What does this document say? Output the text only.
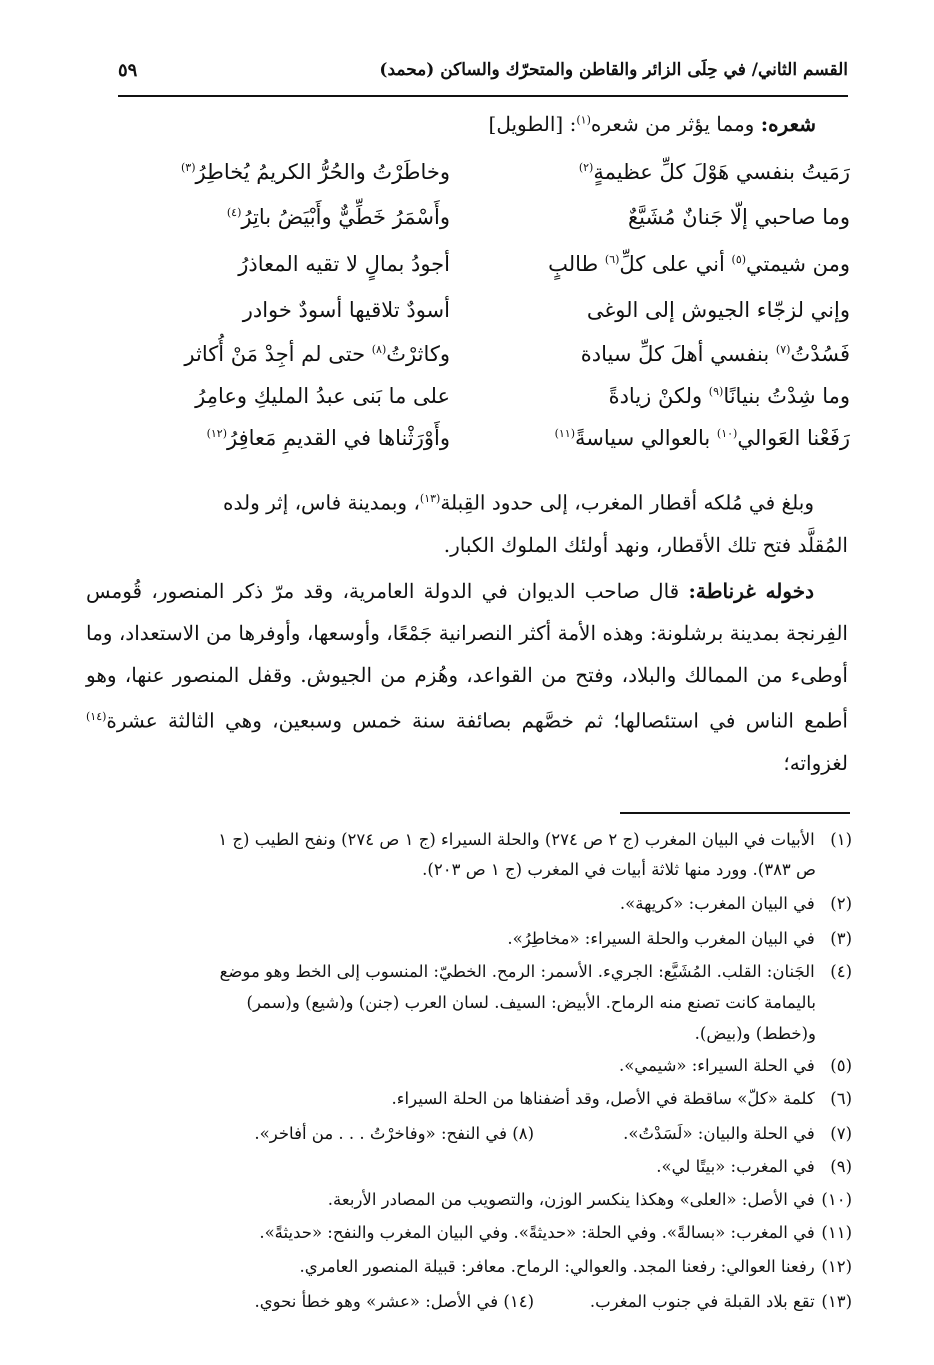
القسم الثاني/ في حِلَى الزائر والقاطن والمتحرّك والساكن (محمد)
٥٩
شعره: ومما يؤثر من شعره$^{(١)}$: [الطويل]
رَمَيتُ بنفسي هَوْلَ كلِّ عظيمةٍ$^{(٢)}$
وخاطَرْتُ والحُرُّ الكريمُ يُخاطِرُ$^{(٣)}$
وما صاحبي إلّا جَنانٌ مُشَيَّعٌ
وأَسْمَرُ خَطِّيٌّ وأَبْيَضُ باتِرُ$^{(٤)}$
ومن شيمتي$^{(٥)}$ أني على كلِّ$^{(٦)}$ طالبٍ
أجودُ بمالٍ لا تقيه المعاذرُ
وإني لزجّاء الجيوش إلى الوغى
أسودٌ تلاقيها أسودٌ خوادر
فَسُدْتُ$^{(٧)}$ بنفسي أهلَ كلِّ سيادة
وكاثرْتُ$^{(٨)}$ حتى لم أجِدْ مَنْ أُكاثر
وما شِدْتُ بنيانًا$^{(٩)}$ ولكنْ زيادةً
على ما بَنى عبدُ المليكِ وعامِرُ
رَفَعْنا العَوالي$^{(١٠)}$ بالعوالي سياسةً$^{(١١)}$
وأَوْرَثْناها في القديمِ مَعافِرُ$^{(١٢)}$
وبلغ في مُلكه أقطار المغرب، إلى حدود القِبلة$^{(١٣)}$، وبمدينة فاس، إثر ولده
المُقلَّد فتح تلك الأقطار، ونهد أولئك الملوك الكبار.
دخوله غرناطة: قال صاحب الديوان في الدولة العامرية، وقد مرّ ذكر المنصور، قُومس الفِرنجة بمدينة برشلونة: وهذه الأمة أكثر النصرانية جَمْعًا، وأوسعها، وأوفرها من الاستعداد، وما أوطىء من الممالك والبلاد، وفتح من القواعد، وهُزم من الجيوش. وقفل المنصور عنها، وهو أطمع الناس في استئصالها؛ ثم خصَّهم بصائفة سنة خمس وسبعين، وهي الثالثة عشرة$^{(١٤)}$ لغزواته؛
(١) الأبيات في البيان المغرب (ج ٢ ص ٢٧٤) والحلة السيراء (ج ١ ص ٢٧٤) ونفح الطيب (ج ١
ص ٣٨٣). وورد منها ثلاثة أبيات في المغرب (ج ١ ص ٢٠٣).
(٢) في البيان المغرب: «كريهة».
(٣) في البيان المغرب والحلة السيراء: «مخاطِرُ».
(٤) الجَنان: القلب. المُشَيَّع: الجريء. الأسمر: الرمح. الخطيّ: المنسوب إلى الخط وهو موضع
باليمامة كانت تصنع منه الرماح. الأبيض: السيف. لسان العرب (جنن) و(شيع) و(سمر)
و(خطط) و(بيض).
(٥) في الحلة السيراء: «شيمي».
(٦) كلمة «كلّ» ساقطة في الأصل، وقد أضفناها من الحلة السيراء.
(٧) في الحلة والبيان: «لَسَدْتُ».
(٨) في النفح: «وفاخرْتُ . . . من أفاخر».
(٩) في المغرب: «بيتًا لي».
(١٠) في الأصل: «العلى» وهكذا ينكسر الوزن، والتصويب من المصادر الأربعة.
(١١) في المغرب: «بسالةً». وفي الحلة: «حديثةً». وفي البيان المغرب والنفح: «حديثةً».
(١٢) رفعنا العوالي: رفعنا المجد. والعوالي: الرماح. معافر: قبيلة المنصور العامري.
(١٣) تقع بلاد القبلة في جنوب المغرب.
(١٤) في الأصل: «عشر» وهو خطأ نحوي.
